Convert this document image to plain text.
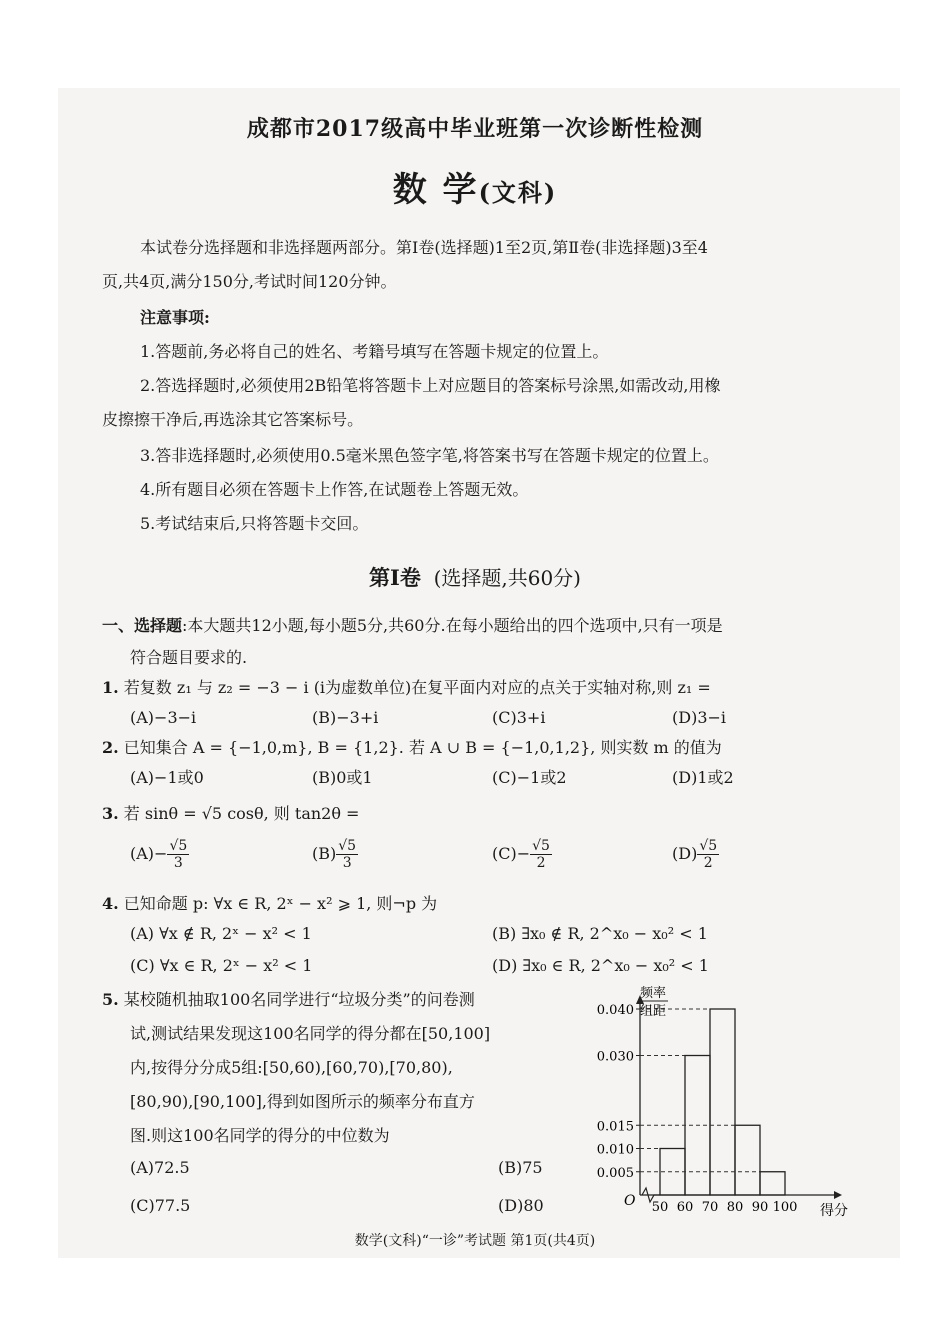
成都市2017级高中毕业班第一次诊断性检测
数 学(文科)
本试卷分选择题和非选择题两部分。第Ⅰ卷(选择题)1至2页,第Ⅱ卷(非选择题)3至4
页,共4页,满分150分,考试时间120分钟。
注意事项:
1.答题前,务必将自己的姓名、考籍号填写在答题卡规定的位置上。
2.答选择题时,必须使用2B铅笔将答题卡上对应题目的答案标号涂黑,如需改动,用橡
皮擦擦干净后,再选涂其它答案标号。
3.答非选择题时,必须使用0.5毫米黑色签字笔,将答案书写在答题卡规定的位置上。
4.所有题目必须在答题卡上作答,在试题卷上答题无效。
5.考试结束后,只将答题卡交回。
第Ⅰ卷 (选择题,共60分)
一、选择题:本大题共12小题,每小题5分,共60分.在每小题给出的四个选项中,只有一项是
符合题目要求的.
1. 若复数 z₁ 与 z₂ = −3 − i (i为虚数单位)在复平面内对应的点关于实轴对称,则 z₁ =
(A)−3−i	(B)−3+i	(C)3+i	(D)3−i
2. 已知集合 A = {−1,0,m}, B = {1,2}. 若 A ∪ B = {−1,0,1,2}, 则实数 m 的值为
(A)−1或0	(B)0或1	(C)−1或2	(D)1或2
3. 若 sinθ = √5 cosθ, 则 tan2θ =
$(A)- \frac{√5}{3}$	$(B) \frac{√5}{3}$	$(C)- \frac{√5}{2}$	$(D) \frac{√5}{2}$
4. 已知命题 p: ∀x ∈ R, 2ˣ − x² ⩾ 1, 则¬p 为
(A) ∀x ∉ R, 2ˣ − x² < 1	(B) ∃x₀ ∉ R, 2^x₀ − x₀² < 1
(C) ∀x ∈ R, 2ˣ − x² < 1	(D) ∃x₀ ∈ R, 2^x₀ − x₀² < 1
5. 某校随机抽取100名同学进行“垃圾分类”的问卷测
试,测试结果发现这100名同学的得分都在[50,100]
内,按得分分成5组:[50,60),[60,70),[70,80),
[80,90),[90,100],得到如图所示的频率分布直方
图.则这100名同学的得分的中位数为
(A)72.5	(B)75
(C)77.5	(D)80
频率
组距
O
得分
0.040
0.030
0.015
0.010
0.005
50 60 70 80 90 100
数学(文科)“一诊”考试题 第1页(共4页)
